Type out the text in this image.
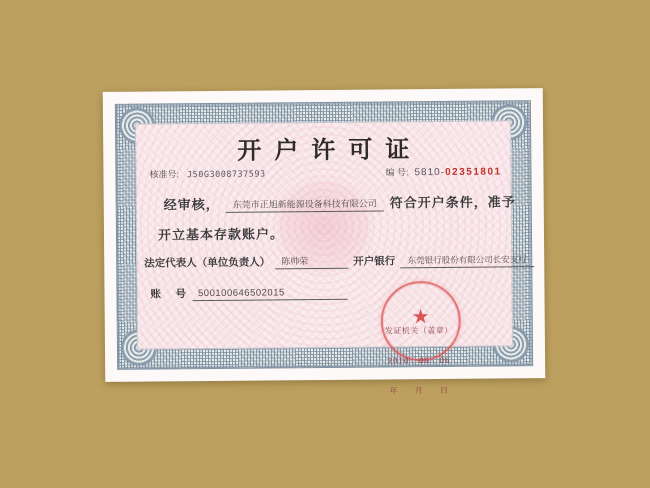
开户许可证
核准号: J50G3008737593	编 号: 5810- 02351801
经审核，	东莞市正旭新能源设备科技有限公司 符合开户条件，准予
开立基本存款账户。
法定代表人（单位负责人）	陈帅荣	开户银行	东莞银行股份有限公司长安支行
账　号	500100646502015
★

发证机关（盖章）

2010   05   06

年     月     日
